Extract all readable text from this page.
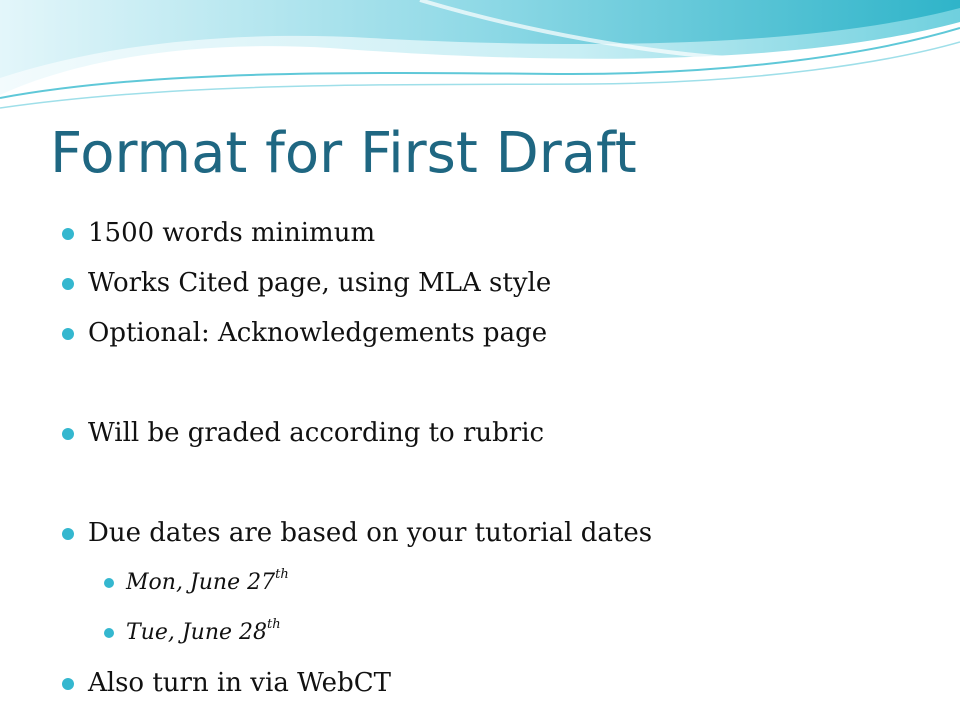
Format for First Draft
1500 words minimum
Works Cited page, using MLA style
Optional: Acknowledgements page
Will be graded according to rubric
Due dates are based on your tutorial dates
Mon, June 27th
Tue, June 28th
Also turn in via WebCT
